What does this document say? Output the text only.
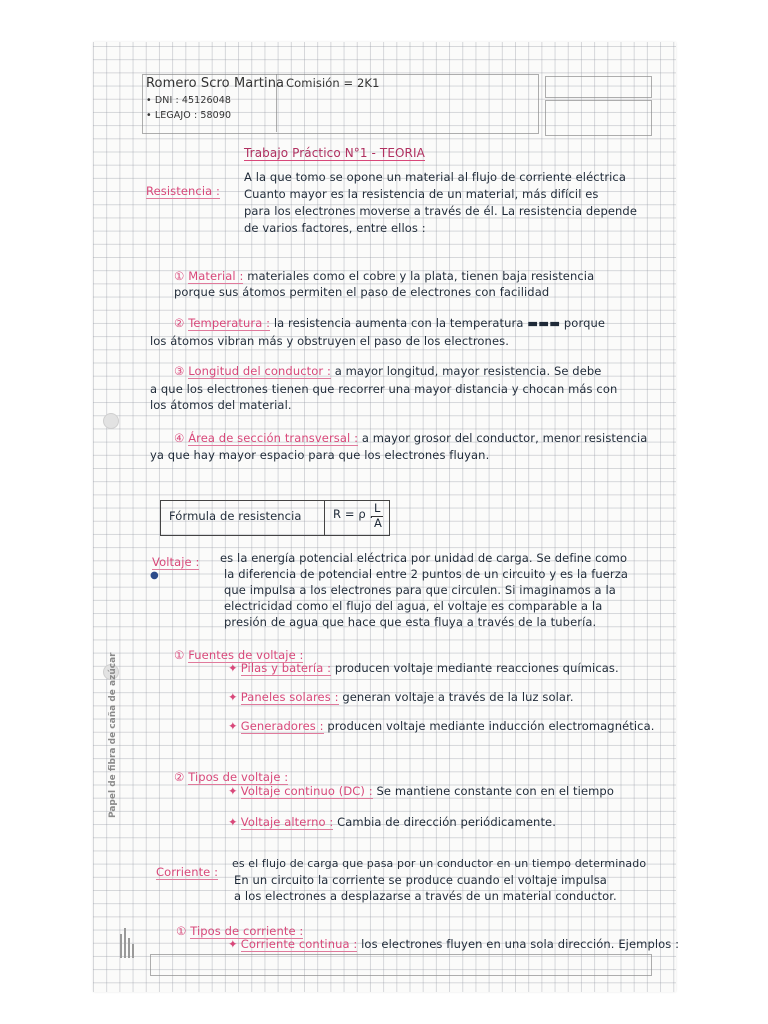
Romero Scro Martina Comisión = 2K1
• DNI : 45126048
• LEGAJO : 58090
Trabajo Práctico N°1 - TEORIA
Resistencia :
A la que tomo se opone un material al flujo de corriente eléctrica
Cuanto mayor es la resistencia de un material, más difícil es
para los electrones moverse a través de él. La resistencia depende
de varios factores, entre ellos :
① Material : materiales como el cobre y la plata, tienen baja resistencia
porque sus átomos permiten el paso de electrones con facilidad
② Temperatura : la resistencia aumenta con la temperatura ▬▬▬ porque
los átomos vibran más y obstruyen el paso de los electrones.
③ Longitud del conductor : a mayor longitud, mayor resistencia. Se debe
a que los electrones tienen que recorrer una mayor distancia y chocan más con
los átomos del material.
④ Área de sección transversal : a mayor grosor del conductor, menor resistencia
ya que hay mayor espacio para que los electrones fluyan.
Fórmula de resistencia	R = ρ . L
A
Voltaje :
●
es la energía potencial eléctrica por unidad de carga. Se define como
la diferencia de potencial entre 2 puntos de un circuito y es la fuerza
que impulsa a los electrones para que circulen. Si imaginamos a la
electricidad como el flujo del agua, el voltaje es comparable a la
presión de agua que hace que esta fluya a través de la tubería.
① Fuentes de voltaje :
✦ Pilas y batería : producen voltaje mediante reacciones químicas.
✦ Paneles solares : generan voltaje a través de la luz solar.
✦ Generadores : producen voltaje mediante inducción electromagnética.
② Tipos de voltaje :
✦ Voltaje continuo (DC) : Se mantiene constante con en el tiempo
✦ Voltaje alterno : Cambia de dirección periódicamente.
Corriente :
es el flujo de carga que pasa por un conductor en un tiempo determinado
En un circuito la corriente se produce cuando el voltaje impulsa
a los electrones a desplazarse a través de un material conductor.
① Tipos de corriente :
✦ Corriente continua : los electrones fluyen en una sola dirección. Ejemplos :
Papel de fibra de caña de azúcar
